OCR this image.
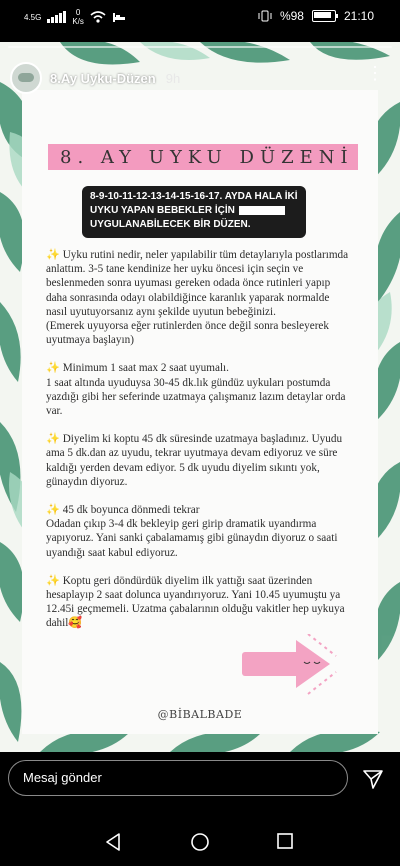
4.5G	0
K/s	%98	21:10
8.Ay Uyku-Düzen 9h	⋮
8. AY UYKU DÜZENİ
8-9-10-11-12-13-14-15-16-17. AYDA HALA İKİ
UYKU YAPAN BEBEKLER İÇİN
UYGULANABİLECEK BİR DÜZEN.

✨ Uyku rutini nedir, neler yapılabilir tüm detaylarıyla postlarımda anlattım. 3-5 tane kendinize her uyku öncesi için seçin ve beslenmeden sonra uyuması gereken odada önce rutinleri yapıp daha sonrasında odayı olabildiğince karanlık yaparak normalde nasıl uyutuyorsanız aynı şekilde uyutun bebeğinizi.
(Emerek uyuyorsa eğer rutinlerden önce değil sonra besleyerek uyutmaya başlayın)

✨ Minimum 1 saat max 2 saat uyumalı.
1 saat altında uyuduysa 30-45 dk.lık gündüz uykuları postumda yazdığı gibi her seferinde uzatmaya çalışmanız lazım detaylar orda var.

✨ Diyelim ki koptu 45 dk süresinde uzatmaya başladınız. Uyudu ama 5 dk.dan az uyudu, tekrar uyutmaya devam ediyoruz ve süre kaldığı yerden devam ediyor. 5 dk uyudu diyelim sıkıntı yok, günaydın diyoruz.

✨ 45 dk boyunca dönmedi tekrar
Odadan çıkıp 3-4 dk bekleyip geri girip dramatik uyandırma yapıyoruz. Yani sanki çabalamamış gibi günaydın diyoruz o saati uyandığı saat kabul ediyoruz.

✨ Koptu geri döndürdük diyelim ilk yattığı saat üzerinden hesaplayıp 2 saat dolunca uyandırıyoruz. Yani 10.45 uyumuştu ya 12.45i geçmemeli. Uzatma çabalarının olduğu vakitler hep uykuya dahil🥰

@BİBALBADE
Mesaj gönder
